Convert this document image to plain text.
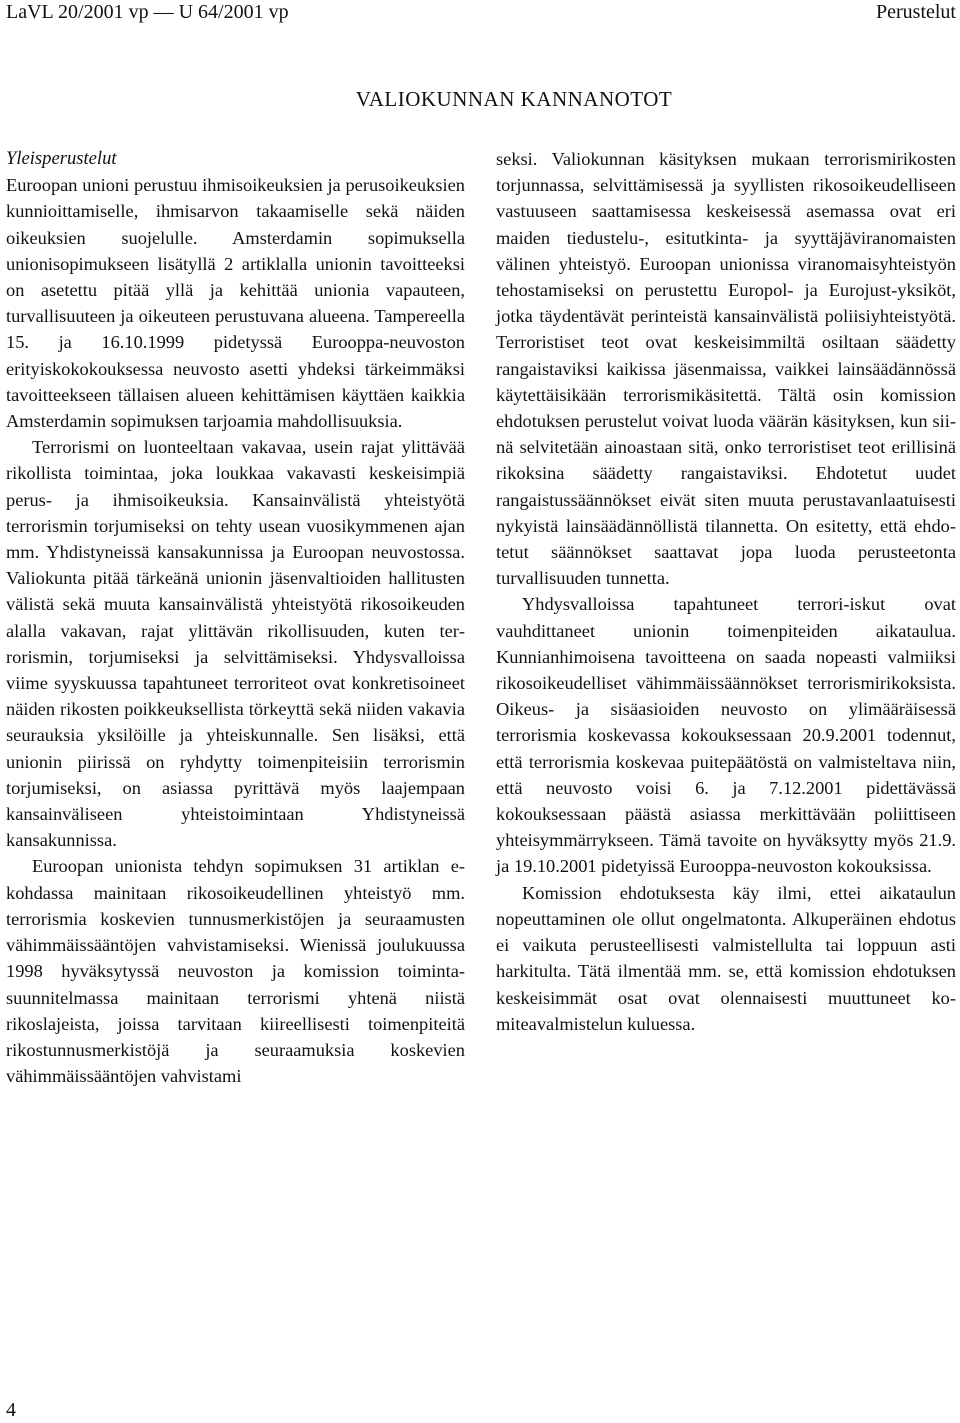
LaVL 20/2001 vp — U 64/2001 vp	Perustelut
VALIOKUNNAN KANNANOTOT
Yleisperustelut

Euroopan unioni perustuu ihmisoikeuksien ja perusoikeuksien kunnioittamiselle, ihmisarvon takaamiselle sekä näiden oikeuksien suojelulle. Amsterdamin sopimuksella unionisopimukseen lisätyllä 2 artiklalla unionin tavoitteeksi on asetettu pitää yllä ja kehittää unionia vapauteen, turvallisuuteen ja oikeuteen perustuvana alueena. Tampereella 15. ja 16.10.1999 pidetyssä Eurooppa-neuvoston erityiskokokouksessa neuvosto asetti yhdeksi tärkeimmäksi tavoitteekseen tällaisen alueen kehittämisen käyttäen kaikkia Amsterdamin sopimuksen tarjoamia mahdollisuuksia.

Terrorismi on luonteeltaan vakavaa, usein rajat ylittävää rikollista toimintaa, joka loukkaa vakavasti keskeisimpiä perus- ja ihmisoikeuksia. Kansainvälistä yhteistyötä terrorismin torjumiseksi on tehty usean vuosikymmenen ajan mm. Yhdistyneissä kansakunnissa ja Euroopan neuvostossa. Valiokunta pitää tärkeänä unionin jäsenvaltioiden hallitusten välistä sekä muuta kansainvälistä yhteistyötä rikosoikeuden alalla vakavan, rajat ylittävän rikollisuuden, kuten terrorismin, torjumiseksi ja selvittämiseksi. Yhdysvalloissa viime syyskuussa tapahtuneet terroriteot ovat konkretisoineet näiden rikosten poikkeuksellista törkeyttä sekä niiden vakavia seurauksia yksilöille ja yhteiskunnalle. Sen lisäksi, että unionin piirissä on ryhdytty toimenpiteisiin terrorismin torjumiseksi, on asiassa pyrittävä myös laajempaan kansainväliseen yhteistoimintaan Yhdistyneissä kansakunnissa.

Euroopan unionista tehdyn sopimuksen 31 artiklan e-kohdassa mainitaan rikosoikeudellinen yhteistyö mm. terrorismia koskevien tunnusmerkistöjen ja seuraamusten vähimmäissääntöjen vahvistamiseksi. Wienissä joulukuussa 1998 hyväksytyssä neuvoston ja komission toimintasuunnitelmassa mainitaan terrorismi yhtenä niistä rikoslajeista, joissa tarvitaan kiireellisesti toimenpiteitä rikostunnusmerkistöjä ja seuraamuksia koskevien vähimmäissääntöjen vahvistami

seksi. Valiokunnan käsityksen mukaan terrorismirikosten torjunnassa, selvittämisessä ja syyllisten rikosoikeudelliseen vastuuseen saattamisessa keskeisessä asemassa ovat eri maiden tiedustelu-, esitutkinta- ja syyttäjäviranomaisten välinen yhteistyö. Euroopan unionissa viranomaisyhteistyön tehostamiseksi on perustettu Europol- ja Eurojust-yksiköt, jotka täydentävät perinteistä kansainvälistä poliisiyhteistyötä. Terroristiset teot ovat keskeisimmiltä osiltaan säädetty rangaistaviksi kaikissa jäsenmaissa, vaikkei lainsäädännössä käytettäisikään terrorismikäsitettä. Tältä osin komission ehdotuksen perustelut voivat luoda väärän käsityksen, kun siinä selvitetään ainoastaan sitä, onko terroristiset teot erillisinä rikoksina säädetty rangaistaviksi. Ehdotetut uudet rangaistussäännökset eivät siten muuta perustavanlaatuisesti nykyistä lainsäädännöllistä tilannetta. On esitetty, että ehdotetut säännökset saattavat jopa luoda perusteetonta turvallisuuden tunnetta.

Yhdysvalloissa tapahtuneet terrori-iskut ovat vauhdittaneet unionin toimenpiteiden aikataulua. Kunnianhimoisena tavoitteena on saada nopeasti valmiiksi rikosoikeudelliset vähimmäissäännökset terrorismirikoksista. Oikeus- ja sisäasioiden neuvosto on ylimääräisessä terrorismia koskevassa kokouksessaan 20.9.2001 todennut, että terrorismia koskevaa puitepäätöstä on valmisteltava niin, että neuvosto voisi 6. ja 7.12.2001 pidettävässä kokouksessaan päästä asiassa merkittävään poliittiseen yhteisymmärrykseen. Tämä tavoite on hyväksytty myös 21.9. ja 19.10.2001 pidetyissä Eurooppa-neuvoston kokouksissa.

Komission ehdotuksesta käy ilmi, ettei aikataulun nopeuttaminen ole ollut ongelmatonta. Alkuperäinen ehdotus ei vaikuta perusteellisesti valmistellulta tai loppuun asti harkitulta. Tätä ilmentää mm. se, että komission ehdotuksen keskeisimmät osat ovat olennaisesti muuttuneet komiteavalmistelun kuluessa.

4
